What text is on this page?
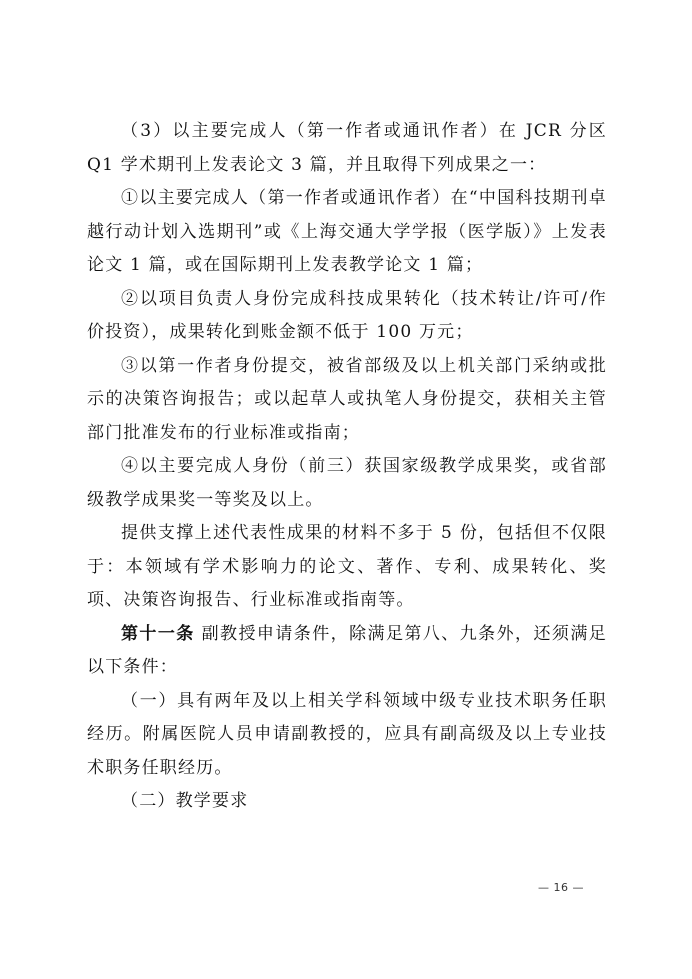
（3）以主要完成人（第一作者或通讯作者）在 JCR 分区 Q1 学术期刊上发表论文 3 篇，并且取得下列成果之一：

①以主要完成人（第一作者或通讯作者）在“中国科技期刊卓越行动计划入选期刊”或《上海交通大学学报（医学版）》上发表论文 1 篇，或在国际期刊上发表教学论文 1 篇；

②以项目负责人身份完成科技成果转化（技术转让/许可/作价投资），成果转化到账金额不低于 100 万元；

③以第一作者身份提交，被省部级及以上机关部门采纳或批示的决策咨询报告；或以起草人或执笔人身份提交，获相关主管部门批准发布的行业标准或指南；

④以主要完成人身份（前三）获国家级教学成果奖，或省部级教学成果奖一等奖及以上。

提供支撑上述代表性成果的材料不多于 5 份，包括但不仅限于：本领域有学术影响力的论文、著作、专利、成果转化、奖项、决策咨询报告、行业标准或指南等。

第十一条 副教授申请条件，除满足第八、九条外，还须满足以下条件：

（一）具有两年及以上相关学科领域中级专业技术职务任职经历。附属医院人员申请副教授的，应具有副高级及以上专业技术职务任职经历。

（二）教学要求

— 16 —
